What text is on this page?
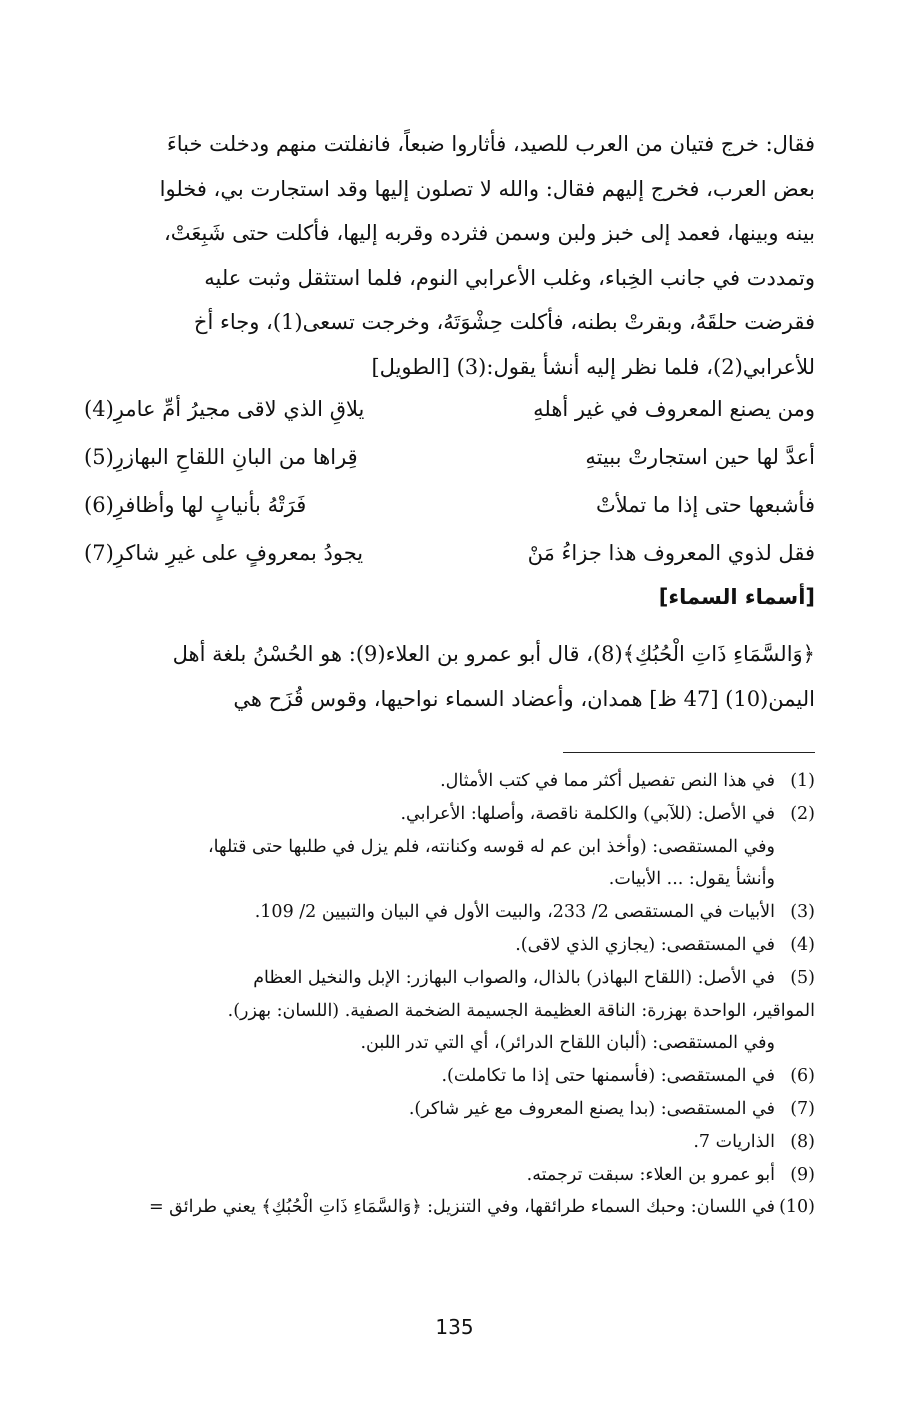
فقال: خرج فتيان من العرب للصيد، فأثاروا ضبعاً، فانفلتت منهم ودخلت خباءَ

بعض العرب، فخرج إليهم فقال: والله لا تصلون إليها وقد استجارت بي، فخلوا

بينه وبينها، فعمد إلى خبز ولبن وسمن فثرده وقربه إليها، فأكلت حتى شَبِعَتْ،

وتمددت في جانب الخِباء، وغلب الأعرابي النوم، فلما استثقل وثبت عليه

فقرضت حلقَهُ، وبقرتْ بطنه، فأكلت حِشْوَتَهُ، وخرجت تسعى(1)، وجاء أخ

للأعرابي(2)، فلما نظر إليه أنشأ يقول:(3) [الطويل]

ومن يصنع المعروف في غير أهلهِ
يلاقِ الذي لاقى مجيرُ أمِّ عامرِ(4)
أعدَّ لها حين استجارتْ ببيتهِ
قِراها من البانِ اللقاحِ البهازرِ(5)
فأشبعها حتى إذا ما تملأتْ
فَرَتْهُ بأنيابٍ لها وأظافرِ(6)
فقل لذوي المعروف هذا جزاءُ مَنْ
يجودُ بمعروفٍ على غيرِ شاكرِ(7)
[أسماء السماء]

﴿وَالسَّمَاءِ ذَاتِ الْحُبُكِ﴾(8)، قال أبو عمرو بن العلاء(9): هو الحُسْنُ بلغة أهل

اليمن(10) [47 ظ] همدان، وأعضاد السماء نواحيها، وقوس قُزَح هي

(1)
في هذا النص تفصيل أكثر مما في كتب الأمثال.
(2)
في الأصل: (للآبي) والكلمة ناقصة، وأصلها: الأعرابي.
وفي المستقصى: (وأخذ ابن عم له قوسه وكنانته، فلم يزل في طلبها حتى قتلها،
وأنشأ يقول: ... الأبيات.
(3)
الأبيات في المستقصى 2/ 233، والبيت الأول في البيان والتبيين 2/ 109.
(4)
في المستقصى: (يجازي الذي لاقى).
(5)
في الأصل: (اللقاح البهاذر) بالذال، والصواب البهازر: الإبل والنخيل العظام
المواقير، الواحدة بهزرة: الناقة العظيمة الجسيمة الضخمة الصفية. (اللسان: بهزر).
وفي المستقصى: (ألبان اللقاح الدرائر)، أي التي تدر اللبن.
(6)
في المستقصى: (فأسمنها حتى إذا ما تكاملت).
(7)
في المستقصى: (بدا يصنع المعروف مع غير شاكر).
(8)
الذاريات 7.
(9)
أبو عمرو بن العلاء: سبقت ترجمته.
(10)
في اللسان: وحبك السماء طرائقها، وفي التنزيل: ﴿وَالسَّمَاءِ ذَاتِ الْحُبُكِ﴾ يعني طرائق =
135
